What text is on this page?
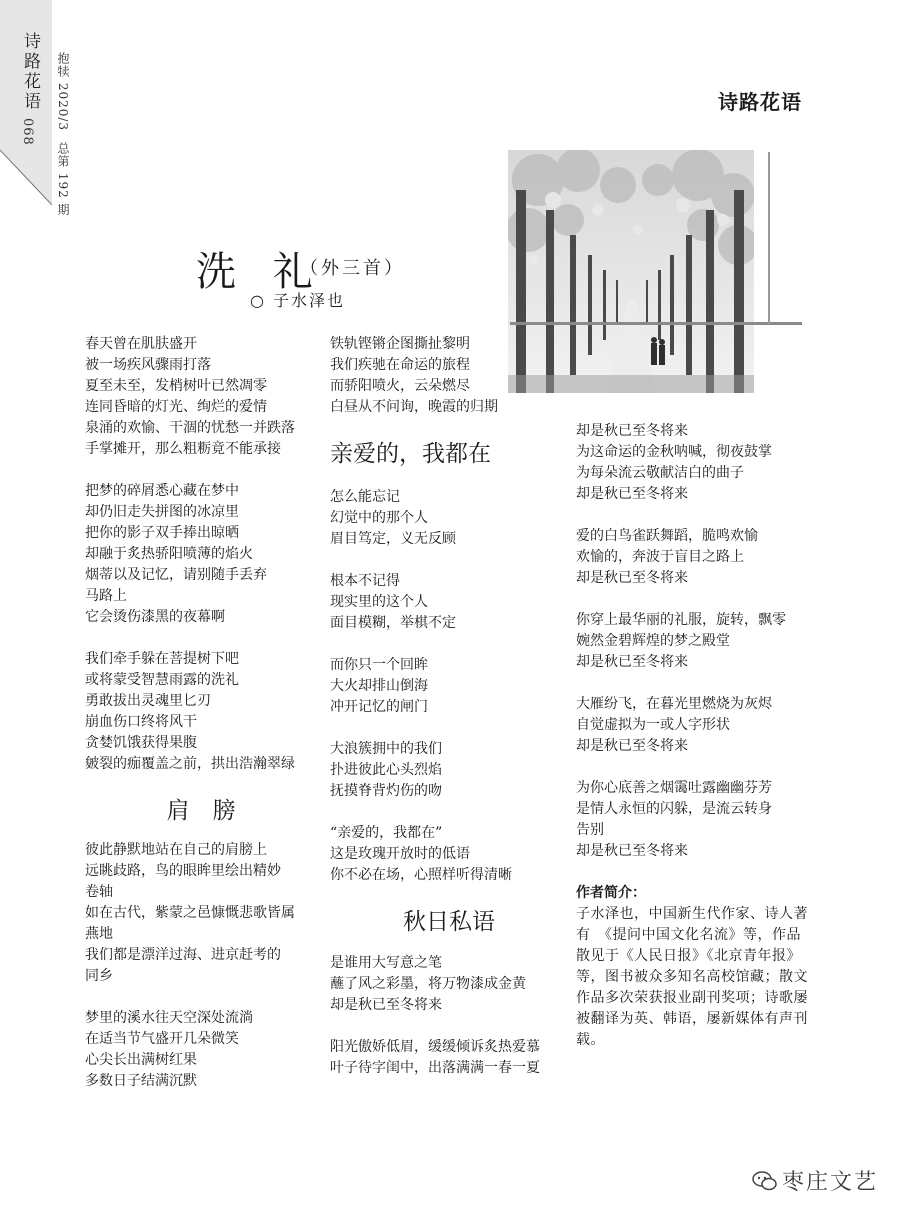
诗路花语
068
抱犊 2020/3
总第 192 期
诗路花语
洗 礼
（外三首）
○ 子水泽也

春天曾在肌肤盛开

被一场疾风骤雨打落

夏至未至，发梢树叶已然凋零

连同昏暗的灯光、绚烂的爱情

泉涌的欢愉、干涸的忧愁一并跌落

手掌摊开，那么粗粝竟不能承接

把梦的碎屑悉心藏在梦中

却仍旧走失拼图的冰凉里

把你的影子双手捧出晾晒

却融于炙热骄阳喷薄的焰火

烟蒂以及记忆，请别随手丢弃

马路上

它会烫伤漆黑的夜幕啊

我们牵手躲在菩提树下吧

或将蒙受智慧雨露的洗礼

勇敢拔出灵魂里匕刃

崩血伤口终将风干

贪婪饥饿获得果腹

皴裂的痂覆盖之前，拱出浩瀚翠绿

肩　膀

彼此静默地站在自己的肩膀上

远眺歧路，鸟的眼眸里绘出精妙

卷轴

如在古代，紫蒙之邑慷慨悲歌皆属

燕地

我们都是漂洋过海、进京赶考的

同乡

梦里的溪水往天空深处流淌

在适当节气盛开几朵微笑

心尖长出满树红果

多数日子结满沉默

铁轨铿锵企图撕扯黎明

我们疾驰在命运的旅程

而骄阳喷火，云朵燃尽

白昼从不问询，晚霞的归期

亲爱的，我都在

怎么能忘记

幻觉中的那个人

眉目笃定，义无反顾

根本不记得

现实里的这个人

面目模糊，举棋不定

而你只一个回眸

大火却排山倒海

冲开记忆的闸门

大浪簇拥中的我们

扑进彼此心头烈焰

抚摸脊背灼伤的吻

“亲爱的，我都在”

这是玫瑰开放时的低语

你不必在场，心照样听得清晰

秋日私语

是谁用大写意之笔

蘸了风之彩墨，将万物漆成金黄

却是秋已至冬将来

阳光傲娇低眉，缓缓倾诉炙热爱慕

叶子待字闺中，出落满满一春一夏

却是秋已至冬将来

为这命运的金秋呐喊，彻夜鼓掌

为每朵流云敬献洁白的曲子

却是秋已至冬将来

爱的白鸟雀跃舞蹈，脆鸣欢愉

欢愉的，奔波于盲目之路上

却是秋已至冬将来

你穿上最华丽的礼服，旋转，飘零

婉然金碧辉煌的梦之殿堂

却是秋已至冬将来

大雁纷飞，在暮光里燃烧为灰烬

自觉虚拟为一或人字形状

却是秋已至冬将来

为你心底善之烟霭吐露幽幽芬芳

是情人永恒的闪躲，是流云转身

告别

却是秋已至冬将来

作者简介：

子水泽也，中国新生代作家、诗人著有　《提问中国文化名流》等，作品散见于《人民日报》《北京青年报》等，图书被众多知名高校馆藏；散文作品多次荣获报业副刊奖项；诗歌屡被翻译为英、韩语，屡新媒体有声刊载。

枣庄文艺
